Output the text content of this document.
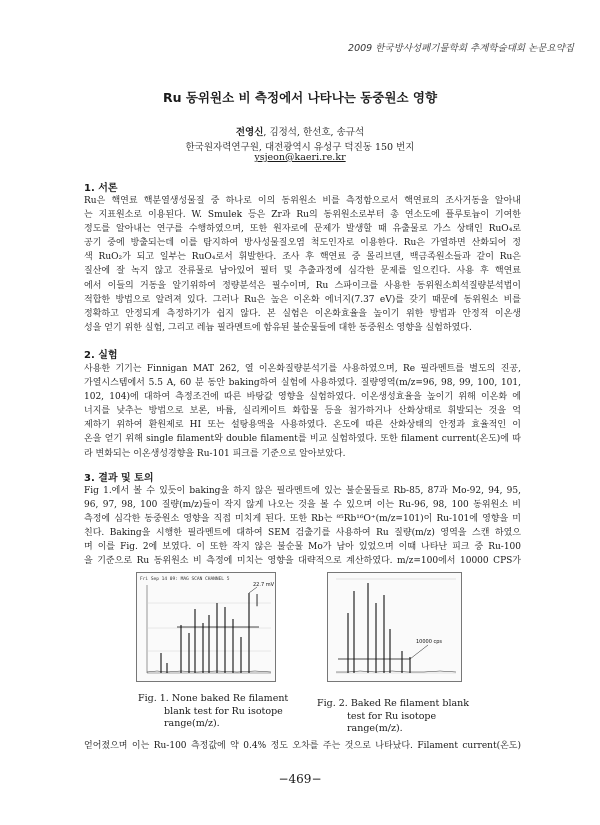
2009 한국방사성폐기물학회 추계학술대회 논문요약집
Ru 동위원소 비 측정에서 나타나는 동중원소 영향
전영신, 김정석, 한선호, 송규석
한국원자력연구원, 대전광역시 유성구 덕진동 150 번지
ysjeon@kaeri.re.kr
1. 서론
Ru은 핵연료 핵분열생성물질 중 하나로 이의 동위원소 비를 측정함으로서 핵연료의 조사거동을 알아내
는 지표원소로 이용된다. W. Smulek 등은 Zr과 Ru의 동위원소로부터 총 연소도에 플루토늄이 기여한
정도를 알아내는 연구를 수행하였으며, 또한 원자로에 문제가 발생할 때 유출물로 가스 상태인 RuO₄로
공기 중에 방출되는데 이를 탐지하여 방사성물질오염 척도인자로 이용한다. Ru은 가열하면 산화되어 정
색 RuO₂가 되고 일부는 RuO₄로서 휘발한다. 조사 후 핵연료 중 몰리브덴, 백금족원소들과 같이 Ru은
질산에 잘 녹지 않고 잔류물로 남아있어 필터 및 추출과정에 심각한 문제를 일으킨다. 사용 후 핵연료
에서 이들의 거동을 알기위하여 정량분석은 필수이며, Ru 스파이크를 사용한 동위원소희석질량분석법이
적합한 방법으로 알려져 있다. 그러나 Ru은 높은 이온화 에너지(7.37 eV)를 갖기 때문에 동위원소 비를
정확하고 안정되게 측정하기가 쉽지 않다. 본 실험은 이온화효율을 높이기 위한 방법과 안정적 이온생
성을 얻기 위한 실험, 그리고 레늄 필라멘트에 함유된 불순물들에 대한 동중원소 영향을 실험하였다.
2. 실험
사용한 기기는 Finnigan MAT 262, 열 이온화질량분석기를 사용하였으며, Re 필라멘트를 별도의 진공,
가열시스템에서 5.5 A, 60 분 동안 baking하여 실험에 사용하였다. 질량영역(m/z=96, 98, 99, 100, 101,
102, 104)에 대하여 측정조건에 따른 바탕값 영향을 실험하였다. 이온생성효율을 높이기 위해 이온화 에
너지를 낮추는 방법으로 보론, 바륨, 실리케이트 화합물 등을 첨가하거나 산화상태로 휘발되는 것을 억
제하기 위하여 환원제로 HI 또는 설탕용액을 사용하였다. 온도에 따른 산화상태의 안정과 효율적인 이
온을 얻기 위해 single filament와 double filament를 비교 실험하였다. 또한 filament current(온도)에 따
라 변화되는 이온생성경향을 Ru-101 피크를 기준으로 알아보았다.
3. 결과 및 토의
Fig 1.에서 볼 수 있듯이 baking을 하지 않은 필라멘트에 있는 불순물들로 Rb-85, 87과 Mo-92, 94, 95,
96, 97, 98, 100 질량(m/z)들이 작지 않게 나오는 것을 볼 수 있으며 이는 Ru-96, 98, 100 동위원소 비
측정에 심각한 동중원소 영향을 직접 미치게 된다. 또한 Rb는 ⁸⁵Rb¹⁶O⁺(m/z=101)이 Ru-101에 영향을 미
친다. Baking을 시행한 필라멘트에 대하여 SEM 검출기를 사용하여 Ru 질량(m/z) 영역을 스캔 하였으
며 이를 Fig. 2에 보였다. 이 또한 작지 않은 불순물 Mo가 남아 있었으며 이때 나타난 피크 중 Ru-100
을 기준으로 Ru 동위원소 비 측정에 미치는 영향을 대략적으로 계산하였다. m/z=100에서 10000 CPS가
Fri Sep 14 09: MAG SCAN CHANNEL 5
22.7 mV
|
Fig. 1. None baked Re filament
blank test for Ru isotope
range(m/z).
10000 cps
Fig. 2. Baked Re filament blank
test for Ru isotope
range(m/z).
얻어졌으며 이는 Ru-100 측정값에 약 0.4% 정도 오차를 주는 것으로 나타났다. Filament current(온도)
−469−
